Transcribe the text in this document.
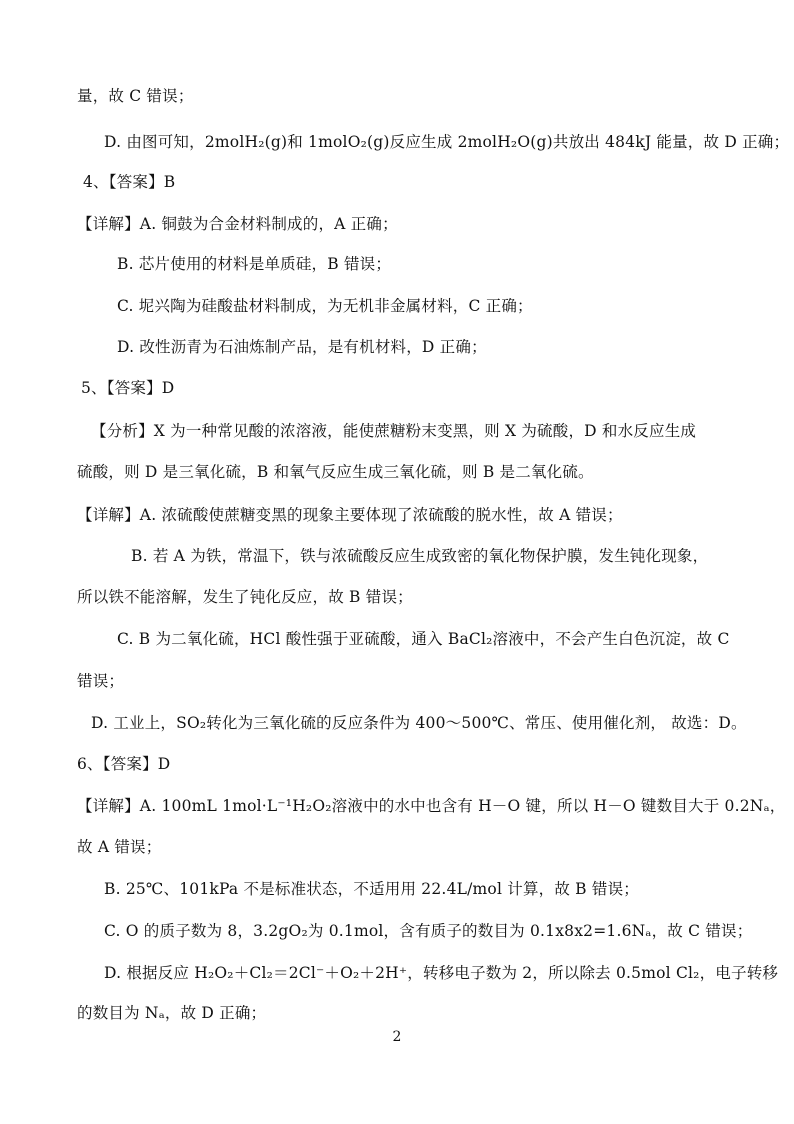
量，故 C 错误；
D. 由图可知，2molH₂(g)和 1molO₂(g)反应生成 2molH₂O(g)共放出 484kJ 能量，故 D 正确；
4、【答案】B
【详解】A. 铜鼓为合金材料制成的，A 正确；
B. 芯片使用的材料是单质硅，B 错误；
C. 坭兴陶为硅酸盐材料制成，为无机非金属材料，C 正确；
D. 改性沥青为石油炼制产品，是有机材料，D 正确；
5、【答案】D
【分析】X 为一种常见酸的浓溶液，能使蔗糖粉末变黑，则 X 为硫酸，D 和水反应生成
硫酸，则 D 是三氧化硫，B 和氧气反应生成三氧化硫，则 B 是二氧化硫。
【详解】A. 浓硫酸使蔗糖变黑的现象主要体现了浓硫酸的脱水性，故 A 错误；
B. 若 A 为铁，常温下，铁与浓硫酸反应生成致密的氧化物保护膜，发生钝化现象，
所以铁不能溶解，发生了钝化反应，故 B 错误；
C. B 为二氧化硫，HCl 酸性强于亚硫酸，通入 BaCl₂溶液中，不会产生白色沉淀，故 C
错误；
D. 工业上，SO₂转化为三氧化硫的反应条件为 400～500℃、常压、使用催化剂， 故选：D。
6、【答案】D
【详解】A. 100mL 1mol·L⁻¹H₂O₂溶液中的水中也含有 H－O 键，所以 H－O 键数目大于 0.2Nₐ，
故 A 错误；
B. 25℃、101kPa 不是标准状态，不适用用 22.4L/mol 计算，故 B 错误；
C. O 的质子数为 8，3.2gO₂为 0.1mol，含有质子的数目为 0.1x8x2=1.6Nₐ，故 C 错误；
D. 根据反应 H₂O₂＋Cl₂＝2Cl⁻＋O₂＋2H⁺，转移电子数为 2，所以除去 0.5mol Cl₂，电子转移
的数目为 Nₐ，故 D 正确；
2
